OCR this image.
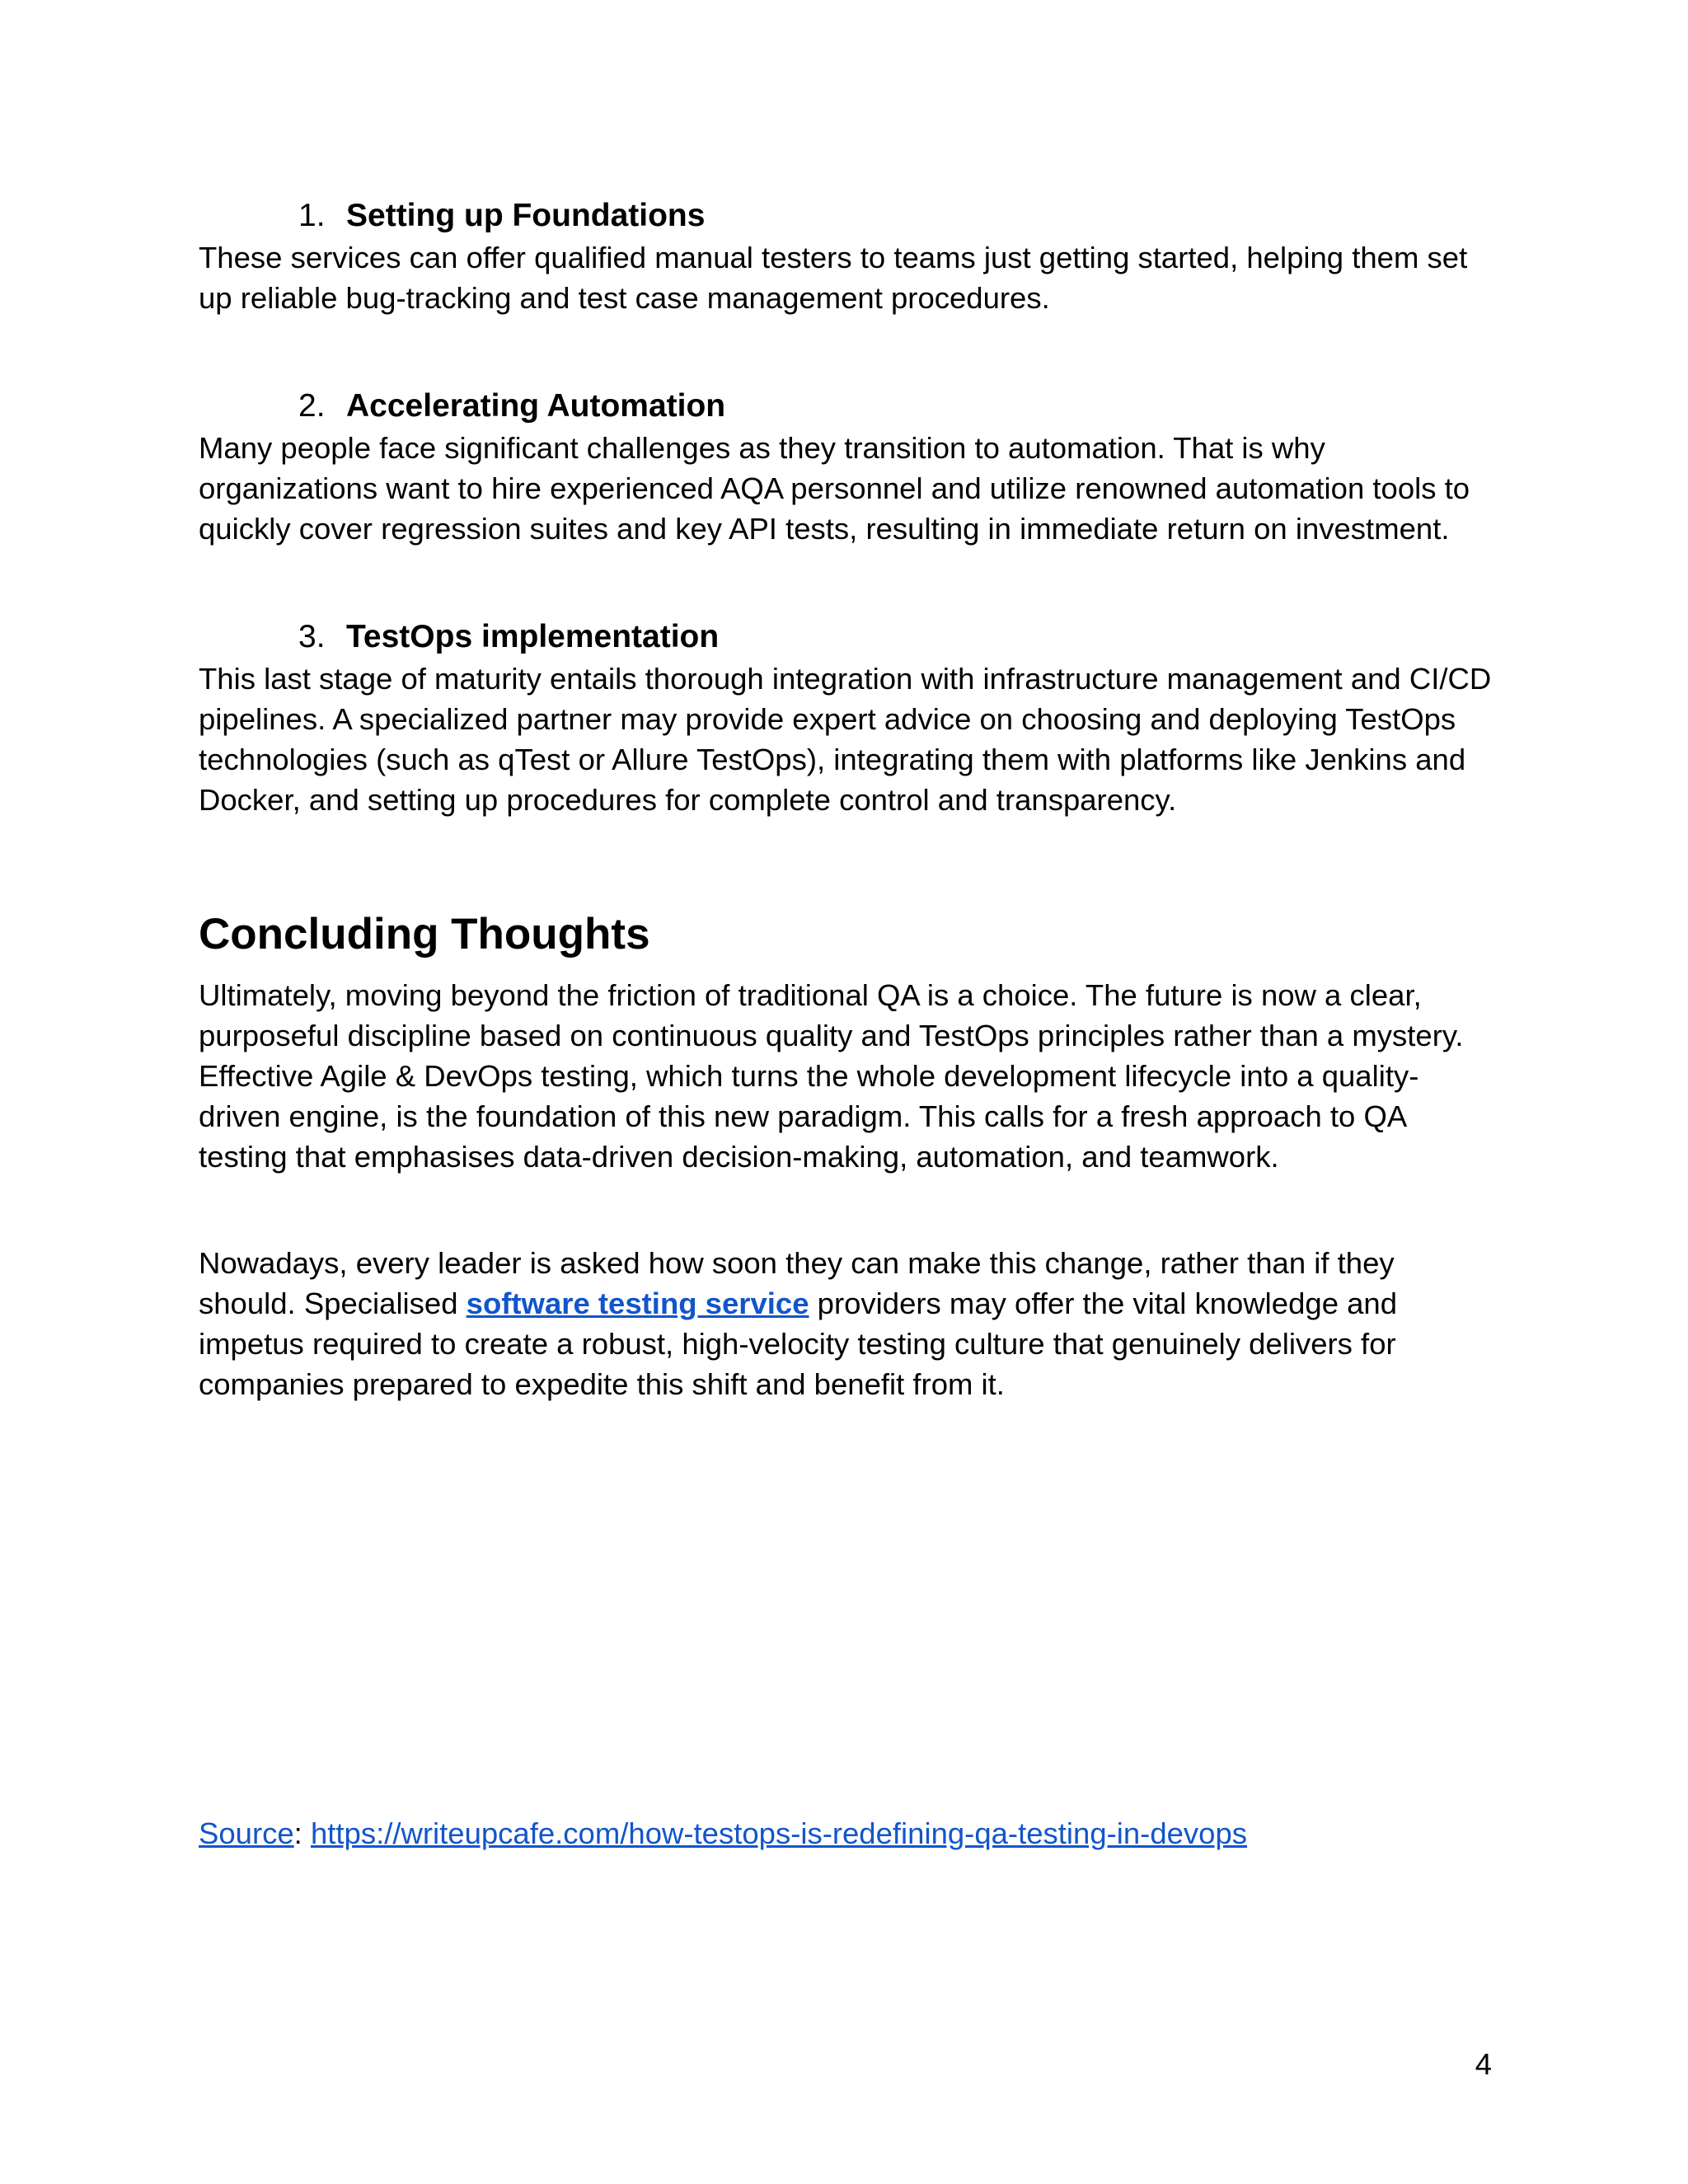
1. Setting up Foundations

These services can offer qualified manual testers to teams just getting started, helping them set up reliable bug-tracking and test case management procedures.

2. Accelerating Automation

Many people face significant challenges as they transition to automation. That is why organizations want to hire experienced AQA personnel and utilize renowned automation tools to quickly cover regression suites and key API tests, resulting in immediate return on investment.

3. TestOps implementation

This last stage of maturity entails thorough integration with infrastructure management and CI/CD pipelines. A specialized partner may provide expert advice on choosing and deploying TestOps technologies (such as qTest or Allure TestOps), integrating them with platforms like Jenkins and Docker, and setting up procedures for complete control and transparency.

Concluding Thoughts

Ultimately, moving beyond the friction of traditional QA is a choice. The future is now a clear, purposeful discipline based on continuous quality and TestOps principles rather than a mystery. Effective Agile & DevOps testing, which turns the whole development lifecycle into a quality-driven engine, is the foundation of this new paradigm. This calls for a fresh approach to QA testing that emphasises data-driven decision-making, automation, and teamwork.

Nowadays, every leader is asked how soon they can make this change, rather than if they should. Specialised software testing service providers may offer the vital knowledge and impetus required to create a robust, high-velocity testing culture that genuinely delivers for companies prepared to expedite this shift and benefit from it.

Source: https://writeupcafe.com/how-testops-is-redefining-qa-testing-in-devops
4
